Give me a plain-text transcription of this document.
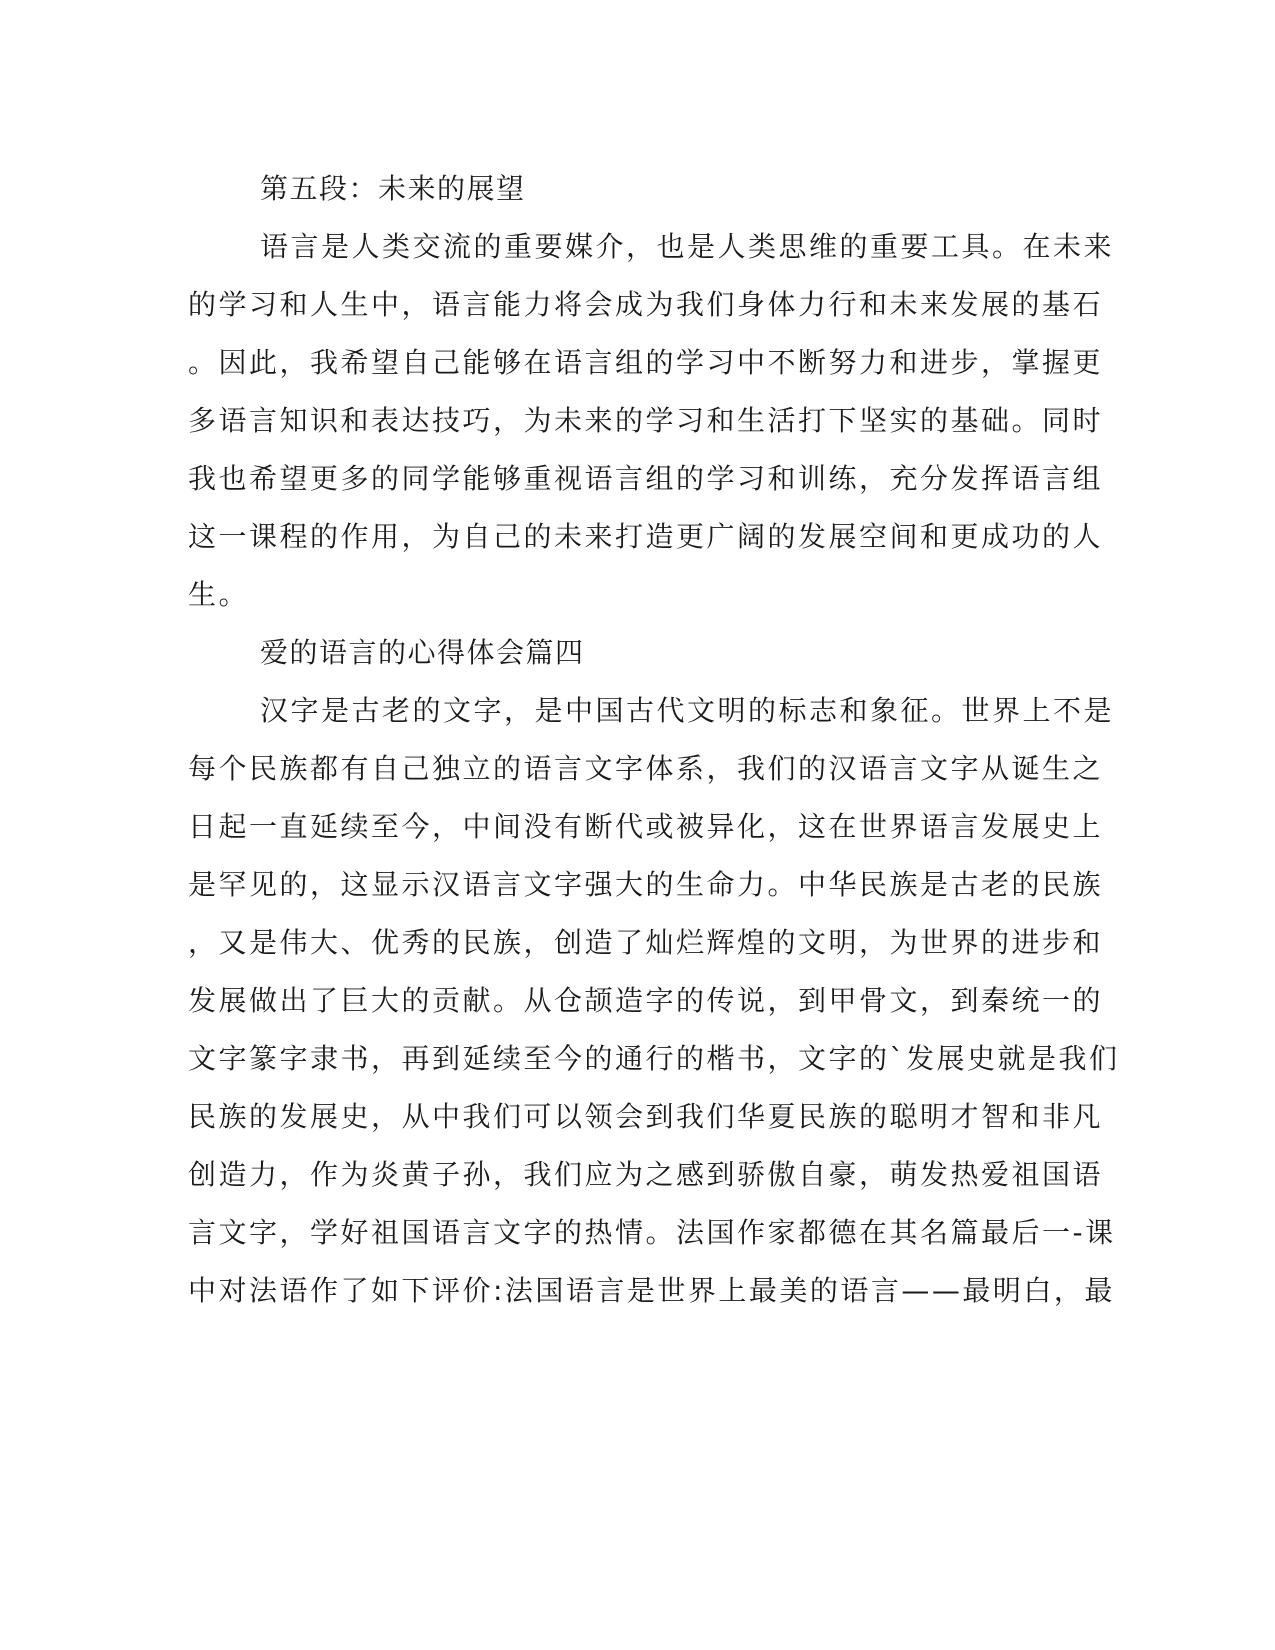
第五段：未来的展望
语言是人类交流的重要媒介，也是人类思维的重要工具。在未来
的学习和人生中，语言能力将会成为我们身体力行和未来发展的基石
。因此，我希望自己能够在语言组的学习中不断努力和进步，掌握更
多语言知识和表达技巧，为未来的学习和生活打下坚实的基础。同时
我也希望更多的同学能够重视语言组的学习和训练，充分发挥语言组
这一课程的作用，为自己的未来打造更广阔的发展空间和更成功的人
生。
爱的语言的心得体会篇四
汉字是古老的文字，是中国古代文明的标志和象征。世界上不是
每个民族都有自己独立的语言文字体系，我们的汉语言文字从诞生之
日起一直延续至今，中间没有断代或被异化，这在世界语言发展史上
是罕见的，这显示汉语言文字强大的生命力。中华民族是古老的民族
，又是伟大、优秀的民族，创造了灿烂辉煌的文明，为世界的进步和
发展做出了巨大的贡献。从仓颉造字的传说，到甲骨文，到秦统一的
文字篆字隶书，再到延续至今的通行的楷书，文字的`发展史就是我们
民族的发展史，从中我们可以领会到我们华夏民族的聪明才智和非凡
创造力，作为炎黄子孙，我们应为之感到骄傲自豪，萌发热爱祖国语
言文字，学好祖国语言文字的热情。法国作家都德在其名篇最后一-课
中对法语作了如下评价:法国语言是世界上最美的语言——最明白，最
